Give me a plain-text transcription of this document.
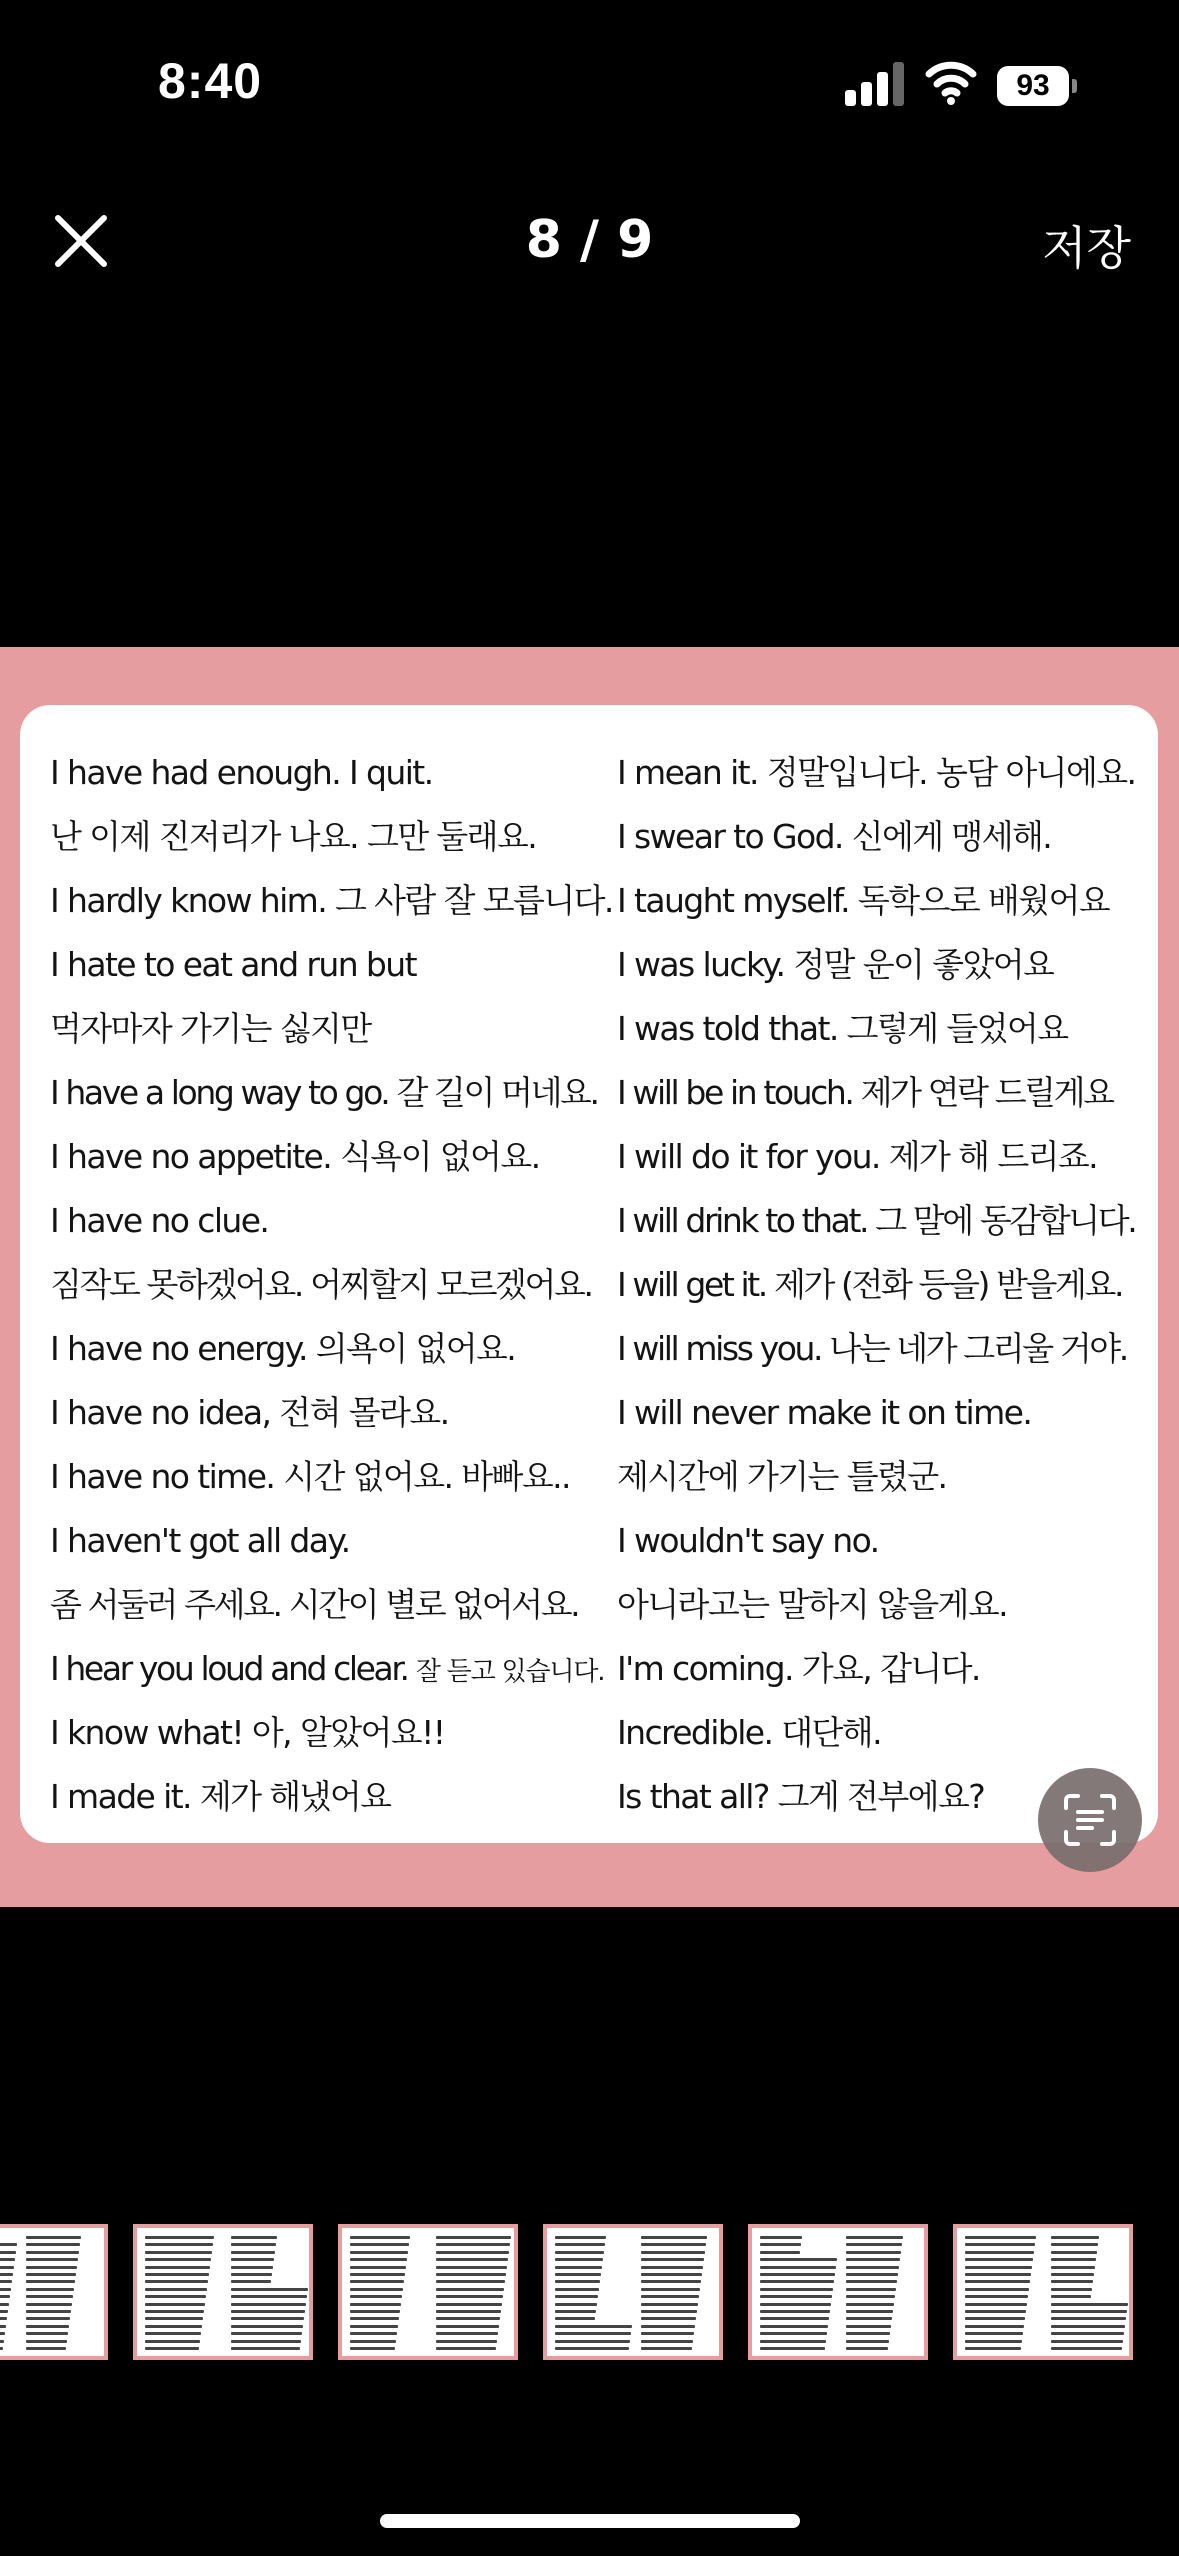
8:40	93
8 / 9	저장
I have had enough. I quit.
난 이제 진저리가 나요. 그만 둘래요.
I hardly know him. 그 사람 잘 모릅니다.
I hate to eat and run but
먹자마자 가기는 싫지만
I have a long way to go. 갈 길이 머네요.
I have no appetite. 식욕이 없어요.
I have no clue.
짐작도 못하겠어요. 어찌할지 모르겠어요.
I have no energy. 의욕이 없어요.
I have no idea, 전혀 몰라요.
I have no time. 시간 없어요. 바빠요..
I haven't got all day.
좀 서둘러 주세요. 시간이 별로 없어서요.
I hear you loud and clear. 잘 듣고 있습니다.
I know what! 아, 알았어요!!
I made it. 제가 해냈어요
I mean it. 정말입니다. 농담 아니에요.
I swear to God. 신에게 맹세해.
I taught myself. 독학으로 배웠어요
I was lucky. 정말 운이 좋았어요
I was told that. 그렇게 들었어요
I will be in touch. 제가 연락 드릴게요
I will do it for you. 제가 해 드리죠.
I will drink to that. 그 말에 동감합니다.
I will get it. 제가 (전화 등을) 받을게요.
I will miss you. 나는 네가 그리울 거야.
I will never make it on time.
제시간에 가기는 틀렸군.
I wouldn't say no.
아니라고는 말하지 않을게요.
I'm coming. 가요, 갑니다.
Incredible. 대단해.
Is that all? 그게 전부에요?
